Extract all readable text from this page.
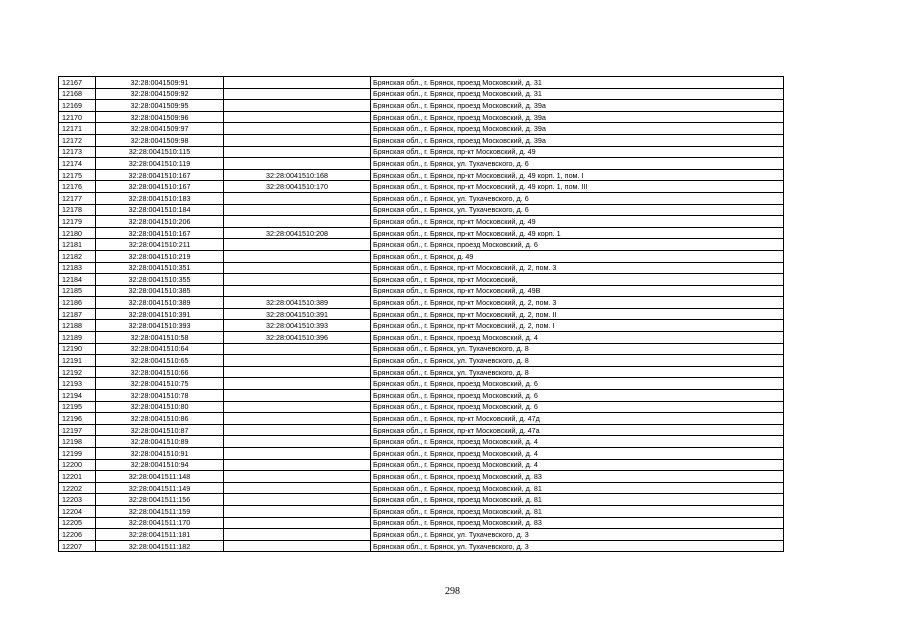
12167	32:28:0041509:91		Брянская обл., г. Брянск, проезд Московский, д. 31
12168	32:28:0041509:92		Брянская обл., г. Брянск, проезд Московский, д. 31
12169	32:28:0041509:95		Брянская обл., г. Брянск, проезд Московский, д. 39а
12170	32:28:0041509:96		Брянская обл., г. Брянск, проезд Московский, д. 39а
12171	32:28:0041509:97		Брянская обл., г. Брянск, проезд Московский, д. 39а
12172	32:28:0041509:98		Брянская обл., г. Брянск, проезд Московский, д. 39а
12173	32:28:0041510:115		Брянская обл., г. Брянск, пр-кт Московский, д. 49
12174	32:28:0041510:119		Брянская обл., г. Брянск, ул. Тухачевского, д. 6
12175	32:28:0041510:167	32:28:0041510:168	Брянская обл., г. Брянск, пр-кт Московский, д. 49 корп. 1, пом. I
12176	32:28:0041510:167	32:28:0041510:170	Брянская обл., г. Брянск, пр-кт Московский, д. 49 корп. 1, пом. III
12177	32:28:0041510:183		Брянская обл., г. Брянск, ул. Тухачевского, д. 6
12178	32:28:0041510:184		Брянская обл., г. Брянск, ул. Тухачевского, д. 6
12179	32:28:0041510:206		Брянская обл., г. Брянск, пр-кт Московский, д. 49
12180	32:28:0041510:167	32:28:0041510:208	Брянская обл., г. Брянск, пр-кт Московский, д. 49 корп. 1
12181	32:28:0041510:211		Брянская обл., г. Брянск, проезд Московский, д. 6
12182	32:28:0041510:219		Брянская обл., г. Брянск, д. 49
12183	32:28:0041510:351		Брянская обл., г. Брянск, пр-кт Московский, д. 2, пом. 3
12184	32:28:0041510:355		Брянская обл., г. Брянск, пр-кт Московский,
12185	32:28:0041510:385		Брянская обл., г. Брянск, пр-кт Московский, д. 49В
12186	32:28:0041510:389	32:28:0041510:389	Брянская обл., г. Брянск, пр-кт Московский, д. 2, пом. 3
12187	32:28:0041510:391	32:28:0041510:391	Брянская обл., г. Брянск, пр-кт Московский, д. 2, пом. II
12188	32:28:0041510:393	32:28:0041510:393	Брянская обл., г. Брянск, пр-кт Московский, д. 2, пом. I
12189	32:28:0041510:58	32:28:0041510:396	Брянская обл., г. Брянск, проезд Московский, д. 4
12190	32:28:0041510:64		Брянская обл., г. Брянск, ул. Тухачевского, д. 8
12191	32:28:0041510:65		Брянская обл., г. Брянск, ул. Тухачевского, д. 8
12192	32:28:0041510:66		Брянская обл., г. Брянск, ул. Тухачевского, д. 8
12193	32:28:0041510:75		Брянская обл., г. Брянск, проезд Московский, д. 6
12194	32:28:0041510:78		Брянская обл., г. Брянск, проезд Московский, д. 6
12195	32:28:0041510:80		Брянская обл., г. Брянск, проезд Московский, д. 6
12196	32:28:0041510:86		Брянская обл., г. Брянск, пр-кт Московский, д. 47д
12197	32:28:0041510:87		Брянская обл., г. Брянск, пр-кт Московский, д. 47а
12198	32:28:0041510:89		Брянская обл., г. Брянск, проезд Московский, д. 4
12199	32:28:0041510:91		Брянская обл., г. Брянск, проезд Московский, д. 4
12200	32:28:0041510:94		Брянская обл., г. Брянск, проезд Московский, д. 4
12201	32:28:0041511:148		Брянская обл., г. Брянск, проезд Московский, д. 83
12202	32:28:0041511:149		Брянская обл., г. Брянск, проезд Московский, д. 81
12203	32:28:0041511:156		Брянская обл., г. Брянск, проезд Московский, д. 81
12204	32:28:0041511:159		Брянская обл., г. Брянск, проезд Московский, д. 81
12205	32:28:0041511:170		Брянская обл., г. Брянск, проезд Московский, д. 83
12206	32:28:0041511:181		Брянская обл., г. Брянск, ул. Тухачевского, д. 3
12207	32:28:0041511:182		Брянская обл., г. Брянск, ул. Тухачевского, д. 3
298
